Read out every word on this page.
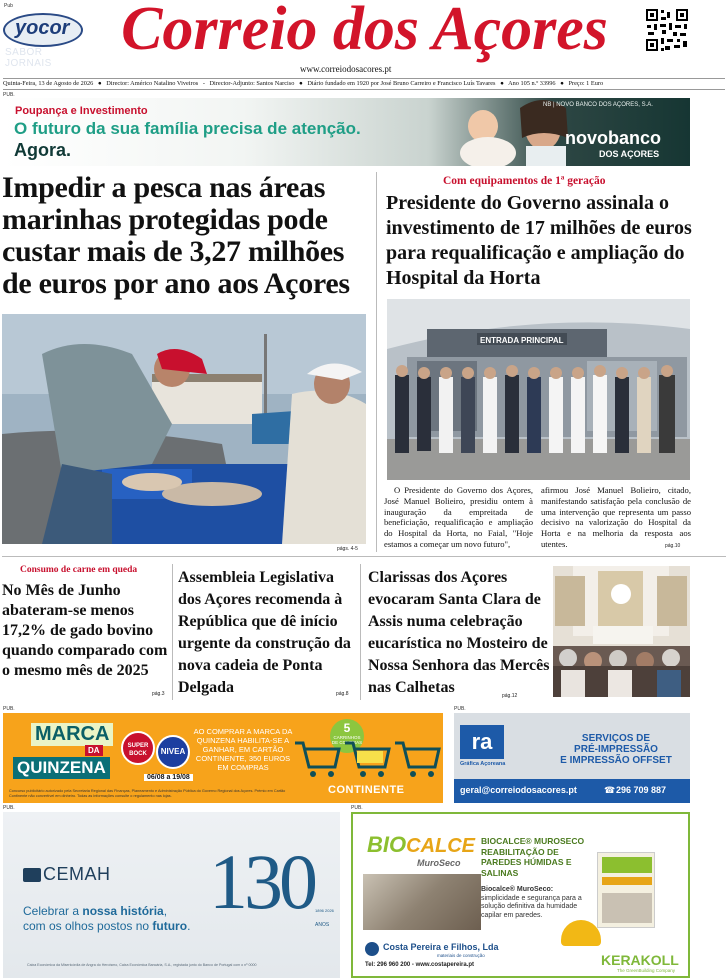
Pub
yocor
SABOR JORNAIS
Correio dos Açores
www.correiodosacores.pt
Quinta-Feira, 13 de Agosto de 2026 ● Director: Américo Natalino Viveiros - Director-Adjunto: Santos Narciso ● Diário fundado em 1920 por José Bruno Carreiro e Francisco Luís Tavares ● Ano 105 n.º 33996 ● Preço: 1 Euro
PUB.
Poupança e Investimento
O futuro da sua família precisa de atenção.
Agora.
NB | NOVO BANCO DOS AÇORES, S.A.
novobanco
DOS AÇORES
Impedir a pesca nas áreas marinhas protegidas pode custar mais de 3,27 milhões de euros por ano aos Açores
págs. 4-5
Com equipamentos de 1ª geração
Presidente do Governo assinala o investimento de 17 milhões de euros para requalificação e ampliação do Hospital da Horta
ENTRADA PRINCIPAL
O Presidente do Governo dos Açores, José Manuel Bolieiro, presidiu ontem à inauguração da empreitada de beneficiação, requalificação e ampliação do Hospital da Horta, no Faial, "Hoje estamos a começar um novo futuro",
afirmou José Manuel Bolieiro, citado, manifestando satisfação pela conclusão de uma intervenção que representa um passo decisivo na valorização do Hospital da Horta e na melhoria da resposta aos utentes.	pág.10
Consumo de carne em queda
No Mês de Junho abateram-se menos 17,2% de gado bovino quando comparado com o mesmo mês de 2025
pág.3
Assembleia Legislativa dos Açores recomenda à República que dê início urgente da construção da nova cadeia de Ponta Delgada	pág.8
Clarissas dos Açores evocaram Santa Clara de Assis numa celebração eucarística no Mosteiro de Nossa Senhora das Mercês nas Calhetas	pág.12
PUB.
MARCA
DA
QUINZENA
SUPER BOCK	NIVEA
06/08 a 19/08
AO COMPRAR A MARCA DA QUINZENA HABILITA-SE A GANHAR, EM CARTÃO CONTINENTE, 350 EUROS EM COMPRAS
5
CARRINHOS DE COMPRAS
CONTINENTE
Concurso publicitário autorizado pela Secretaria Regional das Finanças, Planeamento e Administração Pública do Governo Regional dos Açores. Prémio em Cartão Continente não convertível em dinheiro. Todas as informações consulte o regulamento nas lojas.
PUB.
ra
Gráfica Açoreana
SERVIÇOS DE
PRÉ-IMPRESSÃO
E IMPRESSÃO OFFSET
geral@correiodosacores.pt	☎ 296 709 887
PUB.
CEMAH
Celebrar a nossa história,
com os olhos postos no futuro.
130 1896 2026
ANOS
Caixa Económica da Misericórdia de Angra do Heroísmo, Caixa Económica Bancária, S.A., registada junto do Banco de Portugal com o nº 0000
PUB.
BIOCALCE
MuroSeco
BIOCALCE® MUROSECO REABILITAÇÃO DE PAREDES HÚMIDAS E SALINAS
Biocalce® MuroSeco: simplicidade e segurança para a solução definitiva da humidade capilar em paredes.
Costa Pereira e Filhos, Lda
materiais de construção
Tel: 296 960 200 - www.costapereira.pt	KERAKOLL
The GreenBuilding Company
